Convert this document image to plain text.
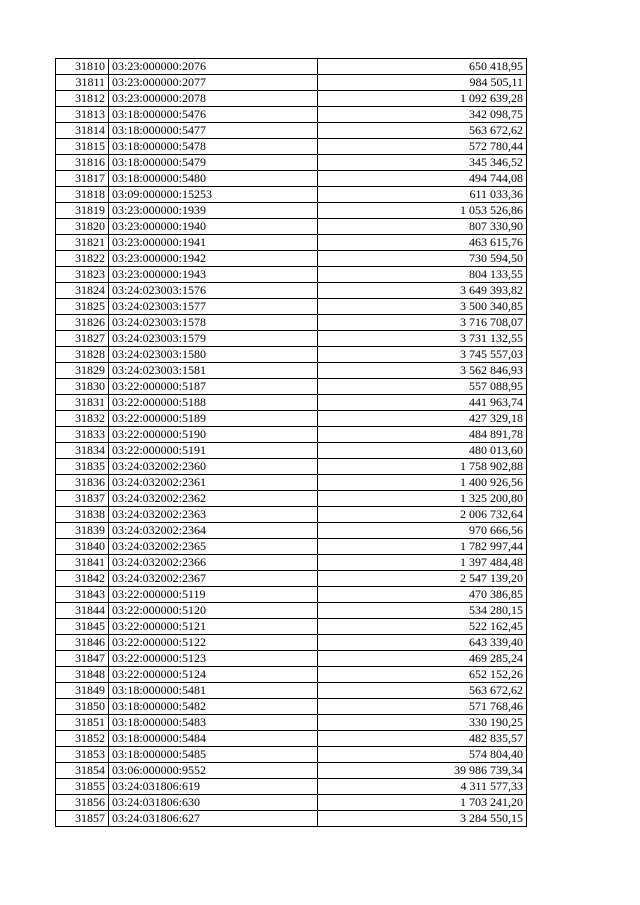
31810	03:23:000000:2076	650 418,95
31811	03:23:000000:2077	984 505,11
31812	03:23:000000:2078	1 092 639,28
31813	03:18:000000:5476	342 098,75
31814	03:18:000000:5477	563 672,62
31815	03:18:000000:5478	572 780,44
31816	03:18:000000:5479	345 346,52
31817	03:18:000000:5480	494 744,08
31818	03:09:000000:15253	611 033,36
31819	03:23:000000:1939	1 053 526,86
31820	03:23:000000:1940	807 330,90
31821	03:23:000000:1941	463 615,76
31822	03:23:000000:1942	730 594,50
31823	03:23:000000:1943	804 133,55
31824	03:24:023003:1576	3 649 393,82
31825	03:24:023003:1577	3 500 340,85
31826	03:24:023003:1578	3 716 708,07
31827	03:24:023003:1579	3 731 132,55
31828	03:24:023003:1580	3 745 557,03
31829	03:24:023003:1581	3 562 846,93
31830	03:22:000000:5187	557 088,95
31831	03:22:000000:5188	441 963,74
31832	03:22:000000:5189	427 329,18
31833	03:22:000000:5190	484 891,78
31834	03:22:000000:5191	480 013,60
31835	03:24:032002:2360	1 758 902,88
31836	03:24:032002:2361	1 400 926,56
31837	03:24:032002:2362	1 325 200,80
31838	03:24:032002:2363	2 006 732,64
31839	03:24:032002:2364	970 666,56
31840	03:24:032002:2365	1 782 997,44
31841	03:24:032002:2366	1 397 484,48
31842	03:24:032002:2367	2 547 139,20
31843	03:22:000000:5119	470 386,85
31844	03:22:000000:5120	534 280,15
31845	03:22:000000:5121	522 162,45
31846	03:22:000000:5122	643 339,40
31847	03:22:000000:5123	469 285,24
31848	03:22:000000:5124	652 152,26
31849	03:18:000000:5481	563 672,62
31850	03:18:000000:5482	571 768,46
31851	03:18:000000:5483	330 190,25
31852	03:18:000000:5484	482 835,57
31853	03:18:000000:5485	574 804,40
31854	03:06:000000:9552	39 986 739,34
31855	03:24:031806:619	4 311 577,33
31856	03:24:031806:630	1 703 241,20
31857	03:24:031806:627	3 284 550,15
